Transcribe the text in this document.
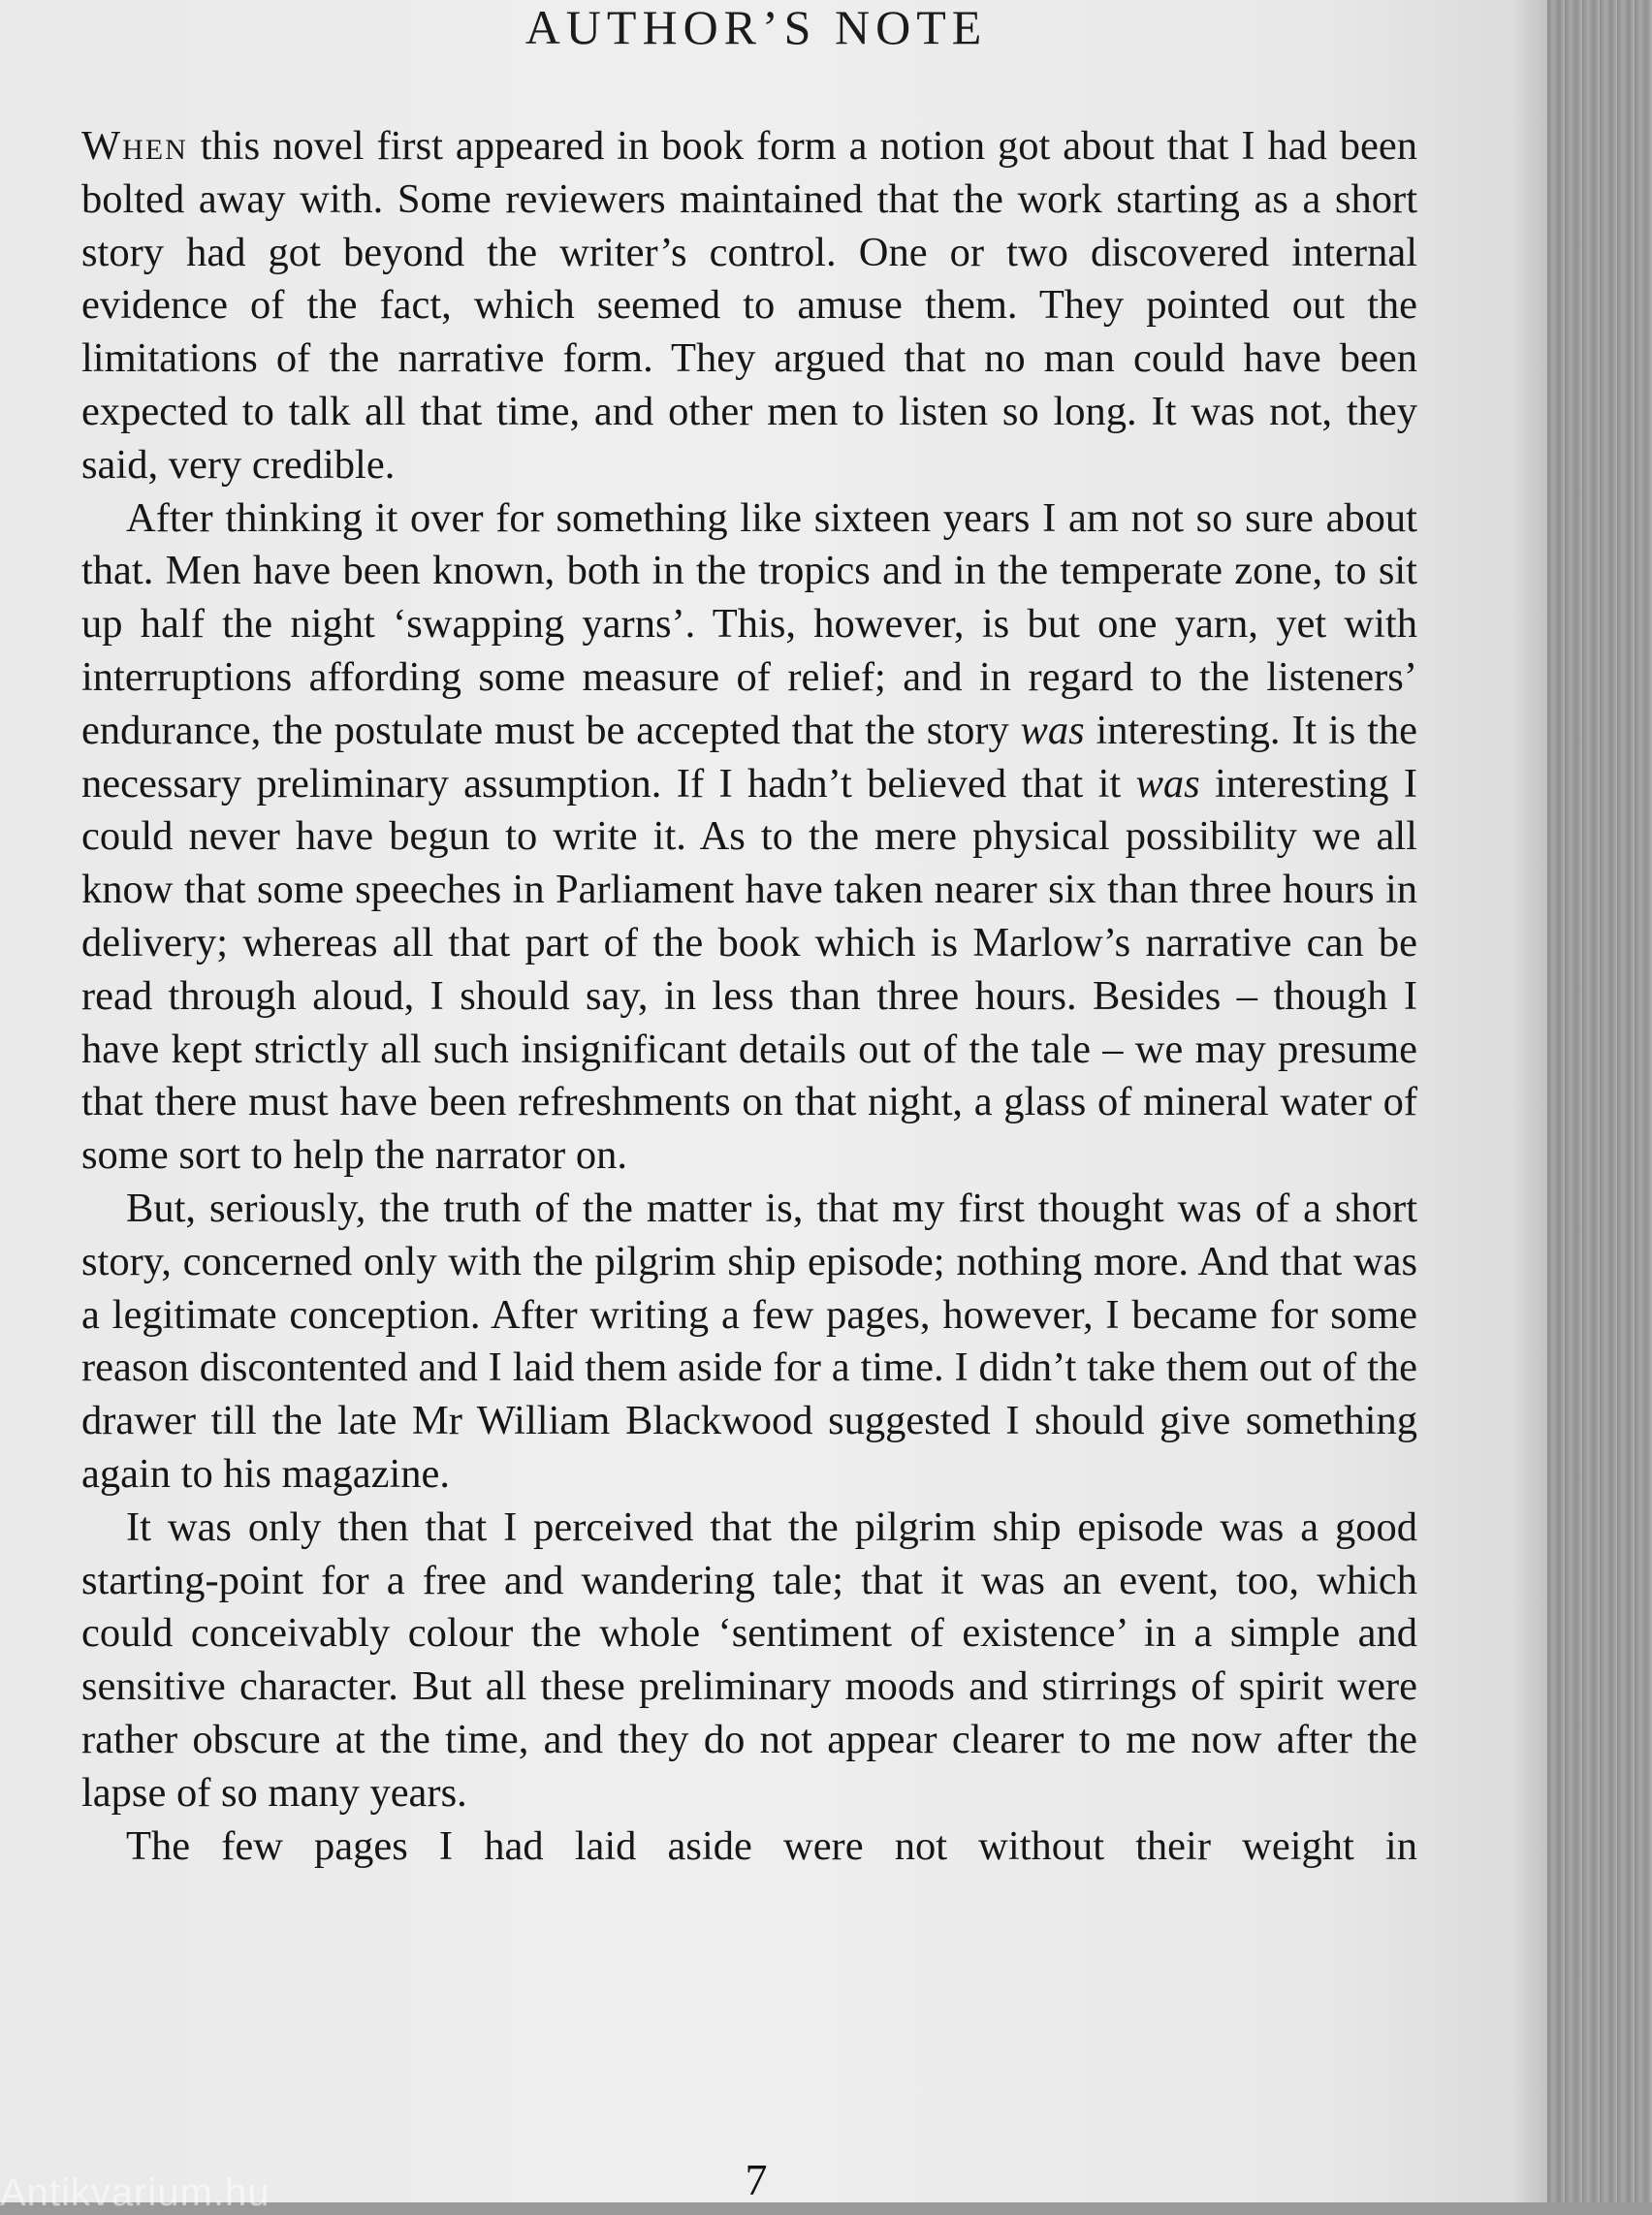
AUTHOR’S NOTE

When this novel first appeared in book form a notion got about that I had been bolted away with. Some reviewers maintained that the work starting as a short story had got beyond the writer’s control. One or two discovered internal evidence of the fact, which seemed to amuse them. They pointed out the limitations of the narrative form. They argued that no man could have been expected to talk all that time, and other men to listen so long. It was not, they said, very credible.

After thinking it over for something like sixteen years I am not so sure about that. Men have been known, both in the tropics and in the temperate zone, to sit up half the night ‘swapping yarns’. This, however, is but one yarn, yet with interruptions affording some measure of relief; and in regard to the listeners’ endurance, the postulate must be accepted that the story was interesting. It is the necessary preliminary assumption. If I hadn’t believed that it was interesting I could never have begun to write it. As to the mere physical possibility we all know that some speeches in Parliament have taken nearer six than three hours in delivery; whereas all that part of the book which is Marlow’s narrative can be read through aloud, I should say, in less than three hours. Besides – though I have kept strictly all such insignificant details out of the tale – we may presume that there must have been refreshments on that night, a glass of mineral water of some sort to help the narrator on.

But, seriously, the truth of the matter is, that my first thought was of a short story, concerned only with the pilgrim ship episode; nothing more. And that was a legitimate conception. After writing a few pages, however, I became for some reason discontented and I laid them aside for a time. I didn’t take them out of the drawer till the late Mr William Blackwood suggested I should give something again to his magazine.

It was only then that I perceived that the pilgrim ship episode was a good starting-point for a free and wandering tale; that it was an event, too, which could conceivably colour the whole ‘sentiment of existence’ in a simple and sensitive character. But all these preliminary moods and stirrings of spirit were rather obscure at the time, and they do not appear clearer to me now after the lapse of so many years.

The few pages I had laid aside were not without their weight in

7
Antikvarium.hu
